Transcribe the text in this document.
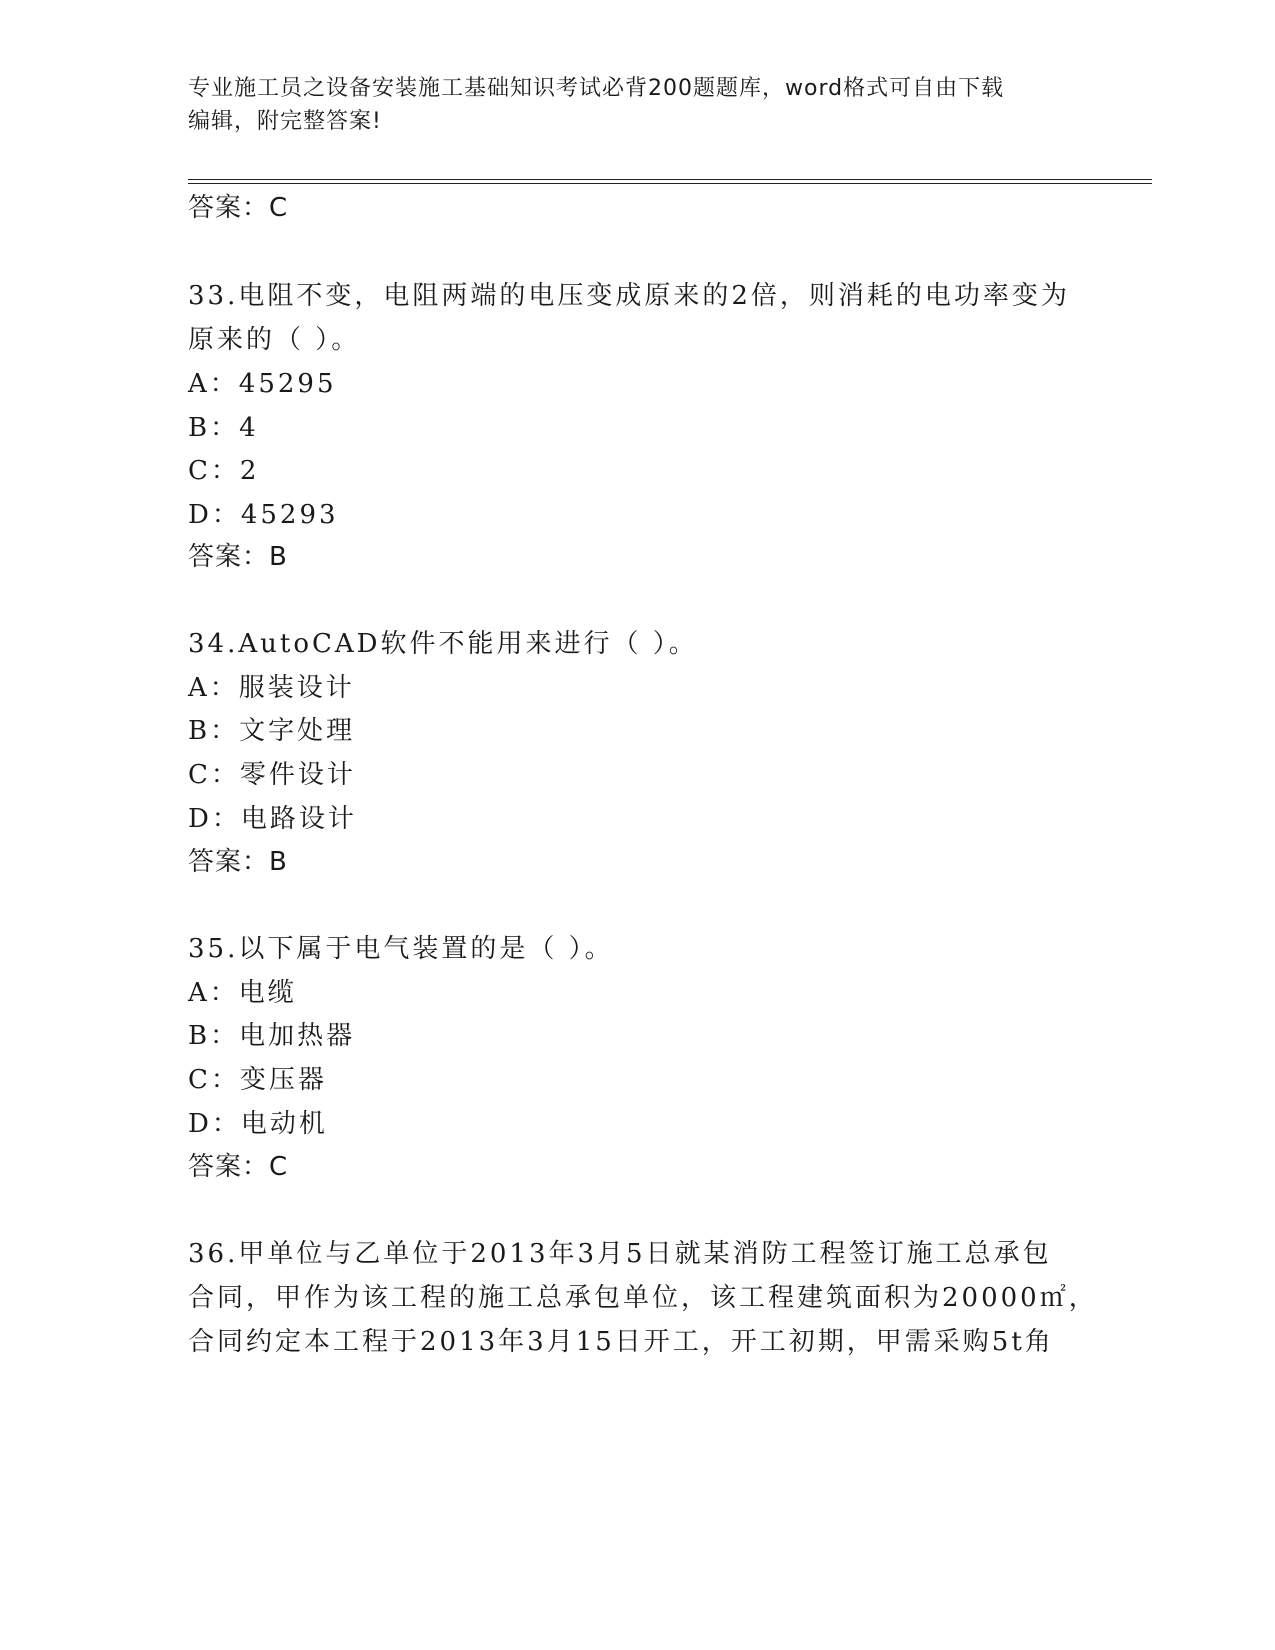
专业施工员之设备安装施工基础知识考试必背200题题库，word格式可自由下载
编辑，附完整答案!
答案：C
33.电阻不变，电阻两端的电压变成原来的2倍，则消耗的电功率变为
原来的（ ）。
A：45295
B：4
C：2
D：45293
答案：B
34.AutoCAD软件不能用来进行（ ）。
A：服装设计
B：文字处理
C：零件设计
D：电路设计
答案：B
35.以下属于电气装置的是（ ）。
A：电缆
B：电加热器
C：变压器
D：电动机
答案：C
36.甲单位与乙单位于2013年3月5日就某消防工程签订施工总承包
合同，甲作为该工程的施工总承包单位，该工程建筑面积为20000㎡，
合同约定本工程于2013年3月15日开工，开工初期，甲需采购5t角
